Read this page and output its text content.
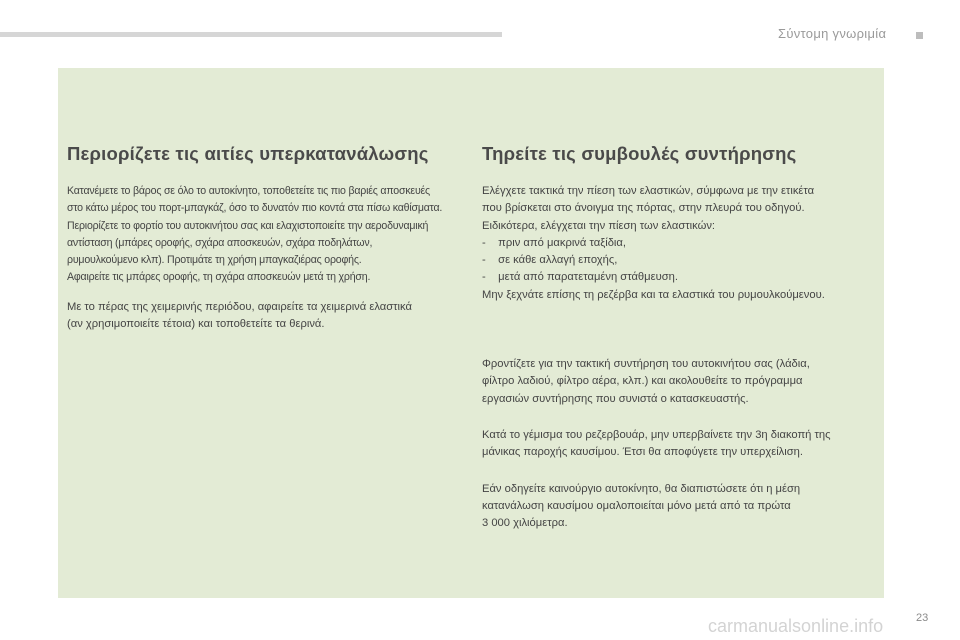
Σύντομη γνωριμία
Περιορίζετε τις αιτίες υπερκατανάλωσης
Κατανέμετε το βάρος σε όλο το αυτοκίνητο, τοποθετείτε τις πιο βαριές αποσκευές
στο κάτω μέρος του πορτ-μπαγκάζ, όσο το δυνατόν πιο κοντά στα πίσω καθίσματα.
Περιορίζετε το φορτίο του αυτοκινήτου σας και ελαχιστοποιείτε την αεροδυναμική
αντίσταση (μπάρες οροφής, σχάρα αποσκευών, σχάρα ποδηλάτων,
ρυμουλκούμενο κλπ). Προτιμάτε τη χρήση μπαγκαζιέρας οροφής.
Αφαιρείτε τις μπάρες οροφής, τη σχάρα αποσκευών μετά τη χρήση.
Με το πέρας της χειμερινής περιόδου, αφαιρείτε τα χειμερινά ελαστικά
(αν χρησιμοποιείτε τέτοια) και τοποθετείτε τα θερινά.
Τηρείτε τις συμβουλές συντήρησης
Ελέγχετε τακτικά την πίεση των ελαστικών, σύμφωνα με την ετικέτα
που βρίσκεται στο άνοιγμα της πόρτας, στην πλευρά του οδηγού.
Ειδικότερα, ελέγχεται την πίεση των ελαστικών:
-    πριν από μακρινά ταξίδια,
-    σε κάθε αλλαγή εποχής,
-    μετά από παρατεταμένη στάθμευση.
Μην ξεχνάτε επίσης τη ρεζέρβα και τα ελαστικά του ρυμουλκούμενου.
Φροντίζετε για την τακτική συντήρηση του αυτοκινήτου σας (λάδια,
φίλτρο λαδιού, φίλτρο αέρα, κλπ.) και ακολουθείτε το πρόγραμμα
εργασιών συντήρησης που συνιστά ο κατασκευαστής.
Κατά το γέμισμα του ρεζερβουάρ, μην υπερβαίνετε την 3η διακοπή της
μάνικας παροχής καυσίμου. Έτσι θα αποφύγετε την υπερχείλιση.
Εάν οδηγείτε καινούργιο αυτοκίνητο, θα διαπιστώσετε ότι η μέση
κατανάλωση καυσίμου ομαλοποιείται μόνο μετά από τα πρώτα
3 000 χιλιόμετρα.
carmanualsonline.info	23
